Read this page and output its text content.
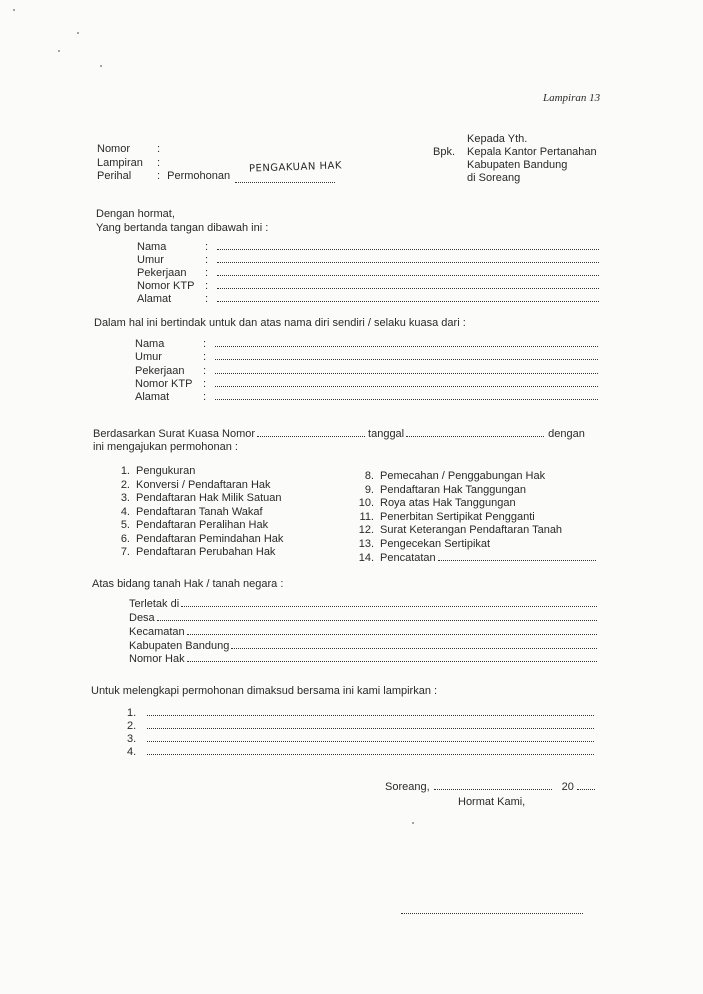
Lampiran 13
Nomor :
Lampiran :
Perihal : Permohonan
PENGAKUAN HAK

Kepada Yth.
Bpk. Kepala Kantor Pertanahan
Kabupaten Bandung
di Soreang
Dengan hormat,
Yang bertanda tangan dibawah ini :
Nama	:
Umur	:
Pekerjaan	:
Nomor KTP :
Alamat	:
Dalam hal ini bertindak untuk dan atas nama diri sendiri / selaku kuasa dari :
Nama	:
Umur	:
Pekerjaan	:
Nomor KTP :
Alamat	:
Berdasarkan Surat Kuasa Nomor	tanggal	dengan
ini mengajukan permohonan :
1. Pengukuran
2. Konversi / Pendaftaran Hak
3. Pendaftaran Hak Milik Satuan
4. Pendaftaran Tanah Wakaf
5. Pendaftaran Peralihan Hak
6. Pendaftaran Pemindahan Hak
7. Pendaftaran Perubahan Hak
8. Pemecahan / Penggabungan Hak
9. Pendaftaran Hak Tanggungan
10. Roya atas Hak Tanggungan
11. Penerbitan Sertipikat Pengganti
12. Surat Keterangan Pendaftaran Tanah
13. Pengecekan Sertipikat
14. Pencatatan
Atas bidang tanah Hak / tanah negara :
Terletak di
Desa
Kecamatan
Kabupaten Bandung
Nomor Hak
Untuk melengkapi permohonan dimaksud bersama ini kami lampirkan :
1.
2.
3.
4.
Soreang,	20
Hormat Kami,
